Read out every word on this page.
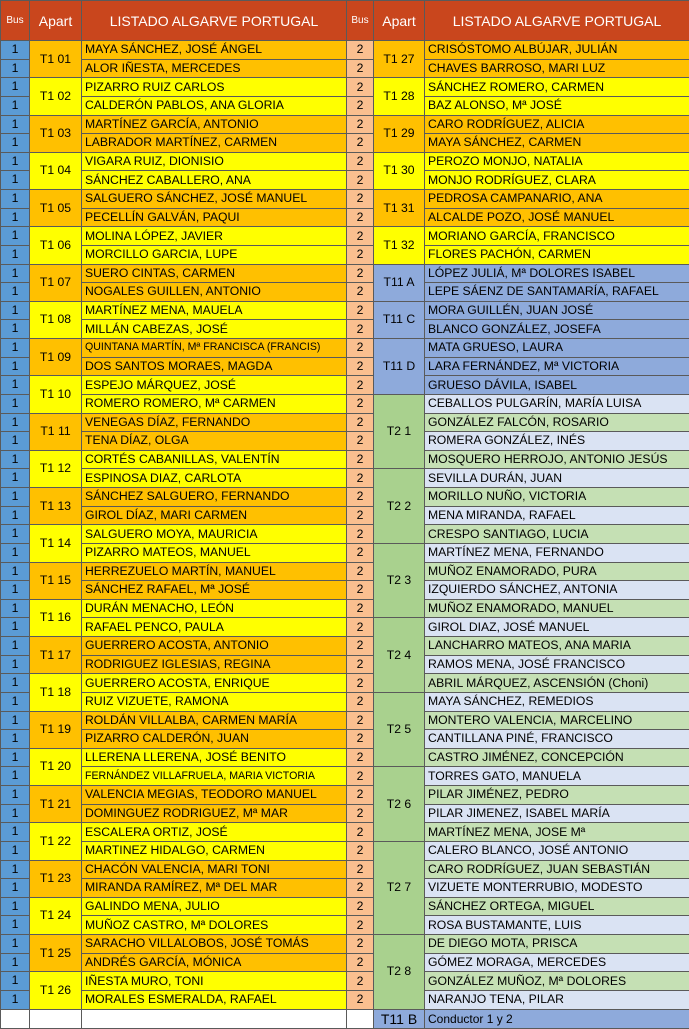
Bus	Apart	LISTADO ALGARVE PORTUGAL	Bus	Apart	LISTADO ALGARVE PORTUGAL
1	T1 01	MAYA SÁNCHEZ, JOSÉ ÁNGEL	2	T1 27	CRISÓSTOMO ALBÚJAR, JULIÁN
1		ALOR IÑESTA, MERCEDES	2		CHAVES BARROSO, MARI LUZ
1	T1 02	PIZARRO RUIZ CARLOS	2	T1 28	SÁNCHEZ ROMERO, CARMEN
1		CALDERÓN PABLOS, ANA GLORIA	2		BAZ ALONSO, Mª JOSÉ
1	T1 03	MARTÍNEZ GARCÍA, ANTONIO	2	T1 29	CARO RODRÍGUEZ, ALICIA
1		LABRADOR MARTÍNEZ, CARMEN	2		MAYA SÁNCHEZ, CARMEN
1	T1 04	VIGARA RUIZ, DIONISIO	2	T1 30	PEROZO MONJO, NATALIA
1		SÁNCHEZ CABALLERO, ANA	2		MONJO RODRÍGUEZ, CLARA
1	T1 05	SALGUERO SÁNCHEZ, JOSÉ MANUEL	2	T1 31	PEDROSA CAMPANARIO, ANA
1		PECELLÍN GALVÁN, PAQUI	2		ALCALDE POZO, JOSÉ MANUEL
1	T1 06	MOLINA LÓPEZ, JAVIER	2	T1 32	MORIANO GARCÍA, FRANCISCO
1		MORCILLO GARCIA, LUPE	2		FLORES PACHÓN, CARMEN
1	T1 07	SUERO CINTAS, CARMEN	2	T11 A	LÓPEZ JULIÁ, Mª DOLORES ISABEL
1		NOGALES GUILLEN, ANTONIO	2		LEPE SÁENZ DE SANTAMARÍA, RAFAEL
1	T1 08	MARTÍNEZ MENA, MAUELA	2	T11 C	MORA GUILLÉN, JUAN JOSÉ
1		MILLÁN CABEZAS, JOSÉ	2		BLANCO GONZÁLEZ, JOSEFA
1	T1 09	QUINTANA MARTÍN, Mª FRANCISCA (FRANCIS)	2	T11 D	MATA GRUESO, LAURA
1		DOS SANTOS MORAES, MAGDA	2		LARA FERNÁNDEZ, Mª VICTORIA
1	T1 10	ESPEJO MÁRQUEZ, JOSÉ	2		GRUESO DÁVILA, ISABEL
1		ROMERO ROMERO, Mª CARMEN	2	T2 1	CEBALLOS PULGARÍN, MARÍA LUISA
1	T1 11	VENEGAS DÍAZ, FERNANDO	2		GONZÁLEZ FALCÓN, ROSARIO
1		TENA DÍAZ, OLGA	2		ROMERA GONZÁLEZ, INÉS
1	T1 12	CORTÉS CABANILLAS, VALENTÍN	2		MOSQUERO HERROJO, ANTONIO JESÚS
1		ESPINOSA DIAZ, CARLOTA	2	T2 2	SEVILLA DURÁN, JUAN
1	T1 13	SÁNCHEZ SALGUERO, FERNANDO	2		MORILLO NUÑO, VICTORIA
1		GIROL DÍAZ, MARI CARMEN	2		MENA MIRANDA, RAFAEL
1	T1 14	SALGUERO MOYA, MAURICIA	2		CRESPO SANTIAGO, LUCIA
1		PIZARRO MATEOS, MANUEL	2	T2 3	MARTÍNEZ MENA, FERNANDO
1	T1 15	HERREZUELO MARTÍN, MANUEL	2		MUÑOZ ENAMORADO, PURA
1		SÁNCHEZ RAFAEL, Mª JOSÉ	2		IZQUIERDO SÁNCHEZ, ANTONIA
1	T1 16	DURÁN MENACHO, LEÓN	2		MUÑOZ ENAMORADO, MANUEL
1		RAFAEL PENCO, PAULA	2	T2 4	GIROL DIAZ, JOSÉ MANUEL
1	T1 17	GUERRERO ACOSTA, ANTONIO	2		LANCHARRO MATEOS, ANA MARIA
1		RODRIGUEZ IGLESIAS, REGINA	2		RAMOS MENA, JOSÉ FRANCISCO
1	T1 18	GUERRERO ACOSTA, ENRIQUE	2		ABRIL MÁRQUEZ, ASCENSIÓN (Choni)
1		RUIZ VIZUETE, RAMONA	2	T2 5	MAYA SÁNCHEZ, REMEDIOS
1	T1 19	ROLDÁN VILLALBA, CARMEN MARÍA	2		MONTERO VALENCIA, MARCELINO
1		PIZARRO CALDERÓN, JUAN	2		CANTILLANA PINÉ, FRANCISCO
1	T1 20	LLERENA LLERENA, JOSÉ BENITO	2		CASTRO JIMÉNEZ, CONCEPCIÓN
1		FERNÁNDEZ VILLAFRUELA, MARIA VICTORIA	2	T2 6	TORRES GATO, MANUELA
1	T1 21	VALENCIA MEGIAS, TEODORO MANUEL	2		PILAR JIMÉNEZ, PEDRO
1		DOMINGUEZ RODRIGUEZ, Mª MAR	2		PILAR JIMENEZ, ISABEL MARÍA
1	T1 22	ESCALERA ORTIZ, JOSÉ	2		MARTÍNEZ MENA, JOSE Mª
1		MARTINEZ HIDALGO, CARMEN	2	T2 7	CALERO BLANCO, JOSÉ ANTONIO
1	T1 23	CHACÓN VALENCIA, MARI TONI	2		CARO RODRÍGUEZ, JUAN SEBASTIÁN
1		MIRANDA RAMÍREZ, Mª DEL MAR	2		VIZUETE MONTERRUBIO, MODESTO
1	T1 24	GALINDO MENA, JULIO	2		SÁNCHEZ ORTEGA, MIGUEL
1		MUÑOZ CASTRO, Mª DOLORES	2		ROSA BUSTAMANTE, LUIS
1	T1 25	SARACHO VILLALOBOS, JOSÉ TOMÁS	2	T2 8	DE DIEGO MOTA, PRISCA
1		ANDRÉS GARCÍA, MÓNICA	2		GÓMEZ MORAGA, MERCEDES
1	T1 26	IÑESTA MURO, TONI	2		GONZÁLEZ MUÑOZ, Mª DOLORES
1		MORALES ESMERALDA, RAFAEL	2		NARANJO TENA, PILAR
				T11 B	Conductor 1 y 2
